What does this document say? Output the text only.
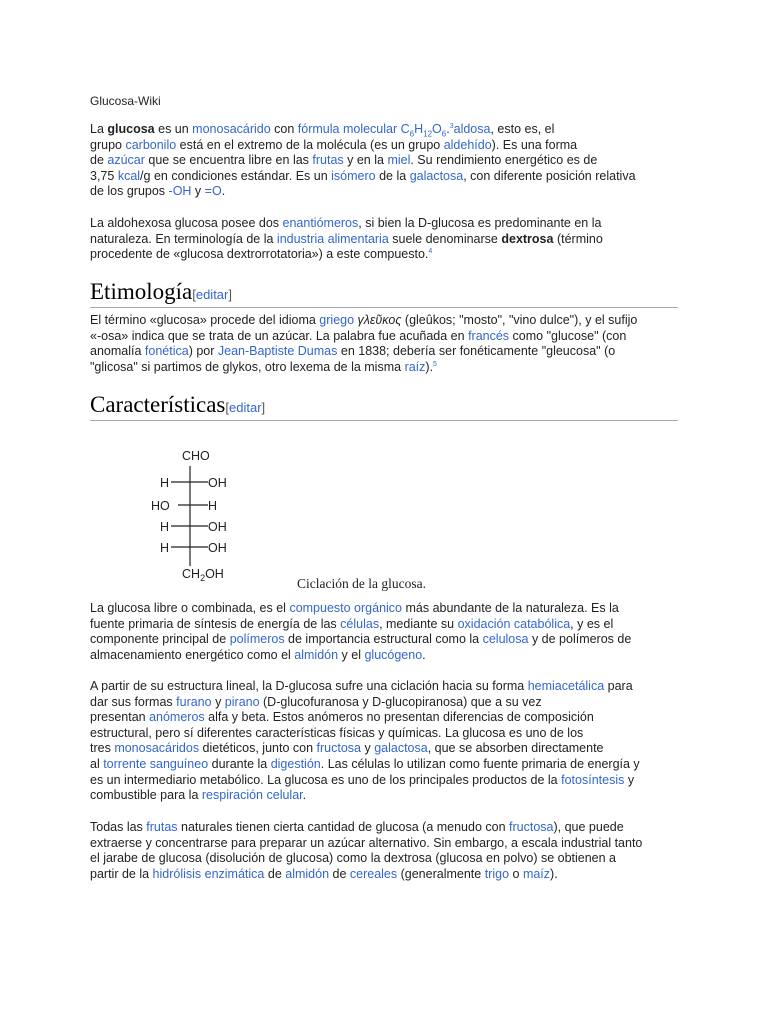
Glucosa-Wiki

La glucosa es un monosacárido con fórmula molecular $C_6H_{12}O_6.^3aldosa$, esto es, el
grupo carbonilo está en el extremo de la molécula (es un grupo aldehído). Es una forma
de azúcar que se encuentra libre en las frutas y en la miel. Su rendimiento energético es de
3,75 kcal/g en condiciones estándar. Es un isómero de la galactosa, con diferente posición relativa
de los grupos -OH y =O.

La aldohexosa glucosa posee dos enantiómeros, si bien la D-glucosa es predominante en la
naturaleza. En terminología de la industria alimentaria suele denominarse dextrosa (término
procedente de «glucosa dextrorrotatoria») a este compuesto.$^4$

Etimología[editar]

El término «glucosa» procede del idioma griego γλεῦκος (gleûkos; "mosto", "vino dulce"), y el sufijo
«-osa» indica que se trata de un azúcar. La palabra fue acuñada en francés como "glucose" (con
anomalía fonética) por Jean-Baptiste Dumas en 1838; debería ser fonéticamente "gleucosa" (o
"glicosa" si partimos de glykos, otro lexema de la misma raíz).$^5$

Características[editar]
CHO
H	OH
HO	H
H	OH
H	OH
$CH_2OH$
Ciclación de la glucosa.

La glucosa libre o combinada, es el compuesto orgánico más abundante de la naturaleza. Es la
fuente primaria de síntesis de energía de las células, mediante su oxidación catabólica, y es el
componente principal de polímeros de importancia estructural como la celulosa y de polímeros de
almacenamiento energético como el almidón y el glucógeno.

A partir de su estructura lineal, la D-glucosa sufre una ciclación hacia su forma hemiacetálica para
dar sus formas furano y pirano (D-glucofuranosa y D-glucopiranosa) que a su vez
presentan anómeros alfa y beta. Estos anómeros no presentan diferencias de composición
estructural, pero sí diferentes características físicas y químicas. La glucosa es uno de los
tres monosacáridos dietéticos, junto con fructosa y galactosa, que se absorben directamente
al torrente sanguíneo durante la digestión. Las células lo utilizan como fuente primaria de energía y
es un intermediario metabólico. La glucosa es uno de los principales productos de la fotosíntesis y
combustible para la respiración celular.

Todas las frutas naturales tienen cierta cantidad de glucosa (a menudo con fructosa), que puede
extraerse y concentrarse para preparar un azúcar alternativo. Sin embargo, a escala industrial tanto
el jarabe de glucosa (disolución de glucosa) como la dextrosa (glucosa en polvo) se obtienen a
partir de la hidrólisis enzimática de almidón de cereales (generalmente trigo o maíz).
